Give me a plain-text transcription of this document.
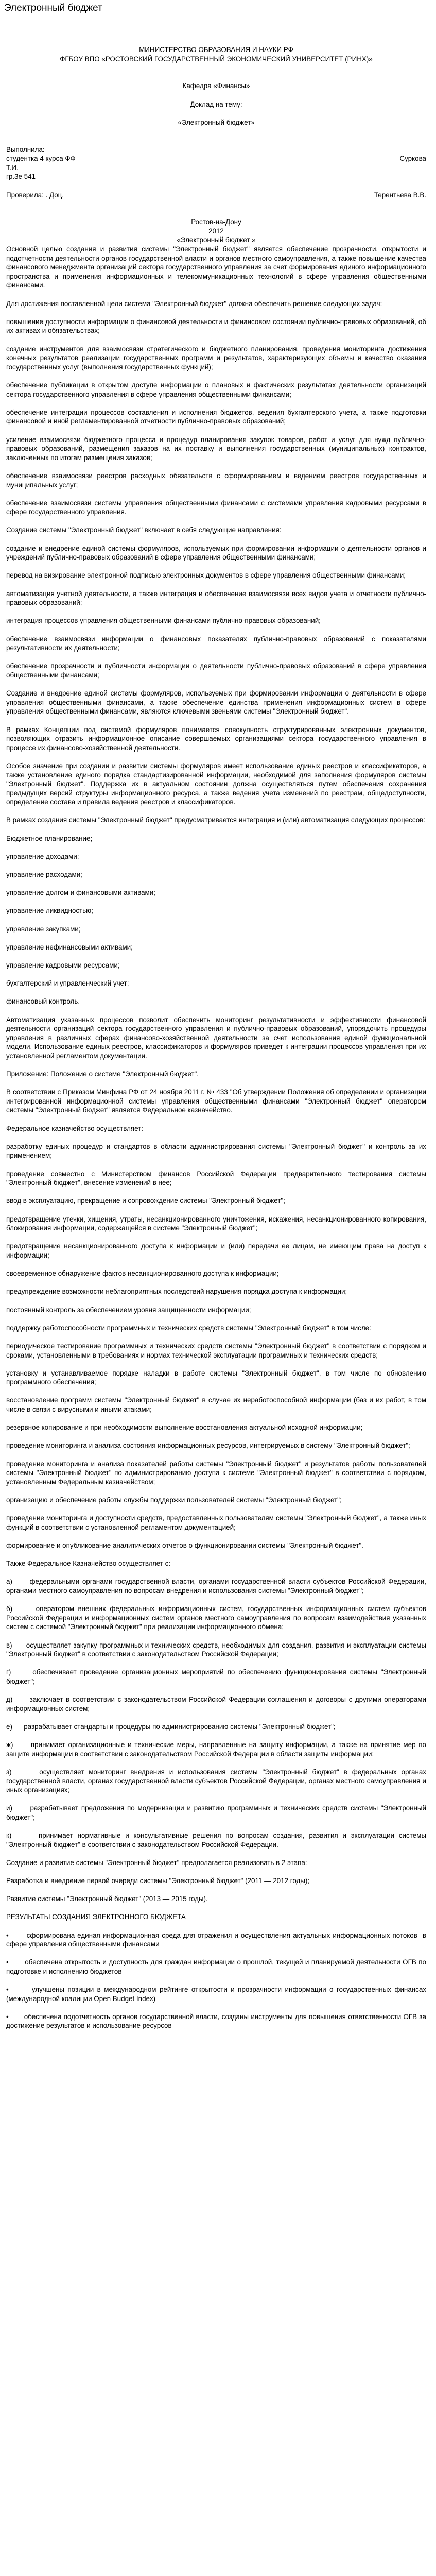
Электронный бюджет
МИНИСТЕРСТВО ОБРАЗОВАНИЯ И НАУКИ РФ
ФГБОУ ВПО «РОСТОВСКИЙ ГОСУДАРСТВЕННЫЙ ЭКОНОМИЧЕСКИЙ УНИВЕРСИТЕТ (РИНХ)»
Кафедра «Финансы»
Доклад на тему:
«Электронный бюджет»
Выполнила:
студентка 4 курса ФФ	Суркова
Т.И.
гр.3е 541
Проверила: . Доц.	Терентьева В.В.
Ростов-на-Дону
2012
«Электронный бюджет »
Основной целью создания и развития системы "Электронный бюджет" является обеспечение прозрачности, открытости и подотчетности деятельности органов государственной власти и органов местного самоуправления, а также повышение качества финансового менеджмента организаций сектора государственного управления за счет формирования единого информационного пространства и применения информационных и телекоммуникационных технологий в сфере управления общественными финансами.
Для достижения поставленной цели система "Электронный бюджет" должна обеспечить решение следующих задач:
повышение доступности информации о финансовой деятельности и финансовом состоянии публично-правовых образований, об их активах и обязательствах;
создание инструментов для взаимосвязи стратегического и бюджетного планирования, проведения мониторинга достижения конечных результатов реализации государственных программ и результатов, характеризующих объемы и качество оказания государственных услуг (выполнения государственных функций);
обеспечение публикации в открытом доступе информации о плановых и фактических результатах деятельности организаций сектора государственного управления в сфере управления общественными финансами;
обеспечение интеграции процессов составления и исполнения бюджетов, ведения бухгалтерского учета, а также подготовки финансовой и иной регламентированной отчетности публично-правовых образований;
усиление взаимосвязи бюджетного процесса и процедур планирования закупок товаров, работ и услуг для нужд публично-правовых образований, размещения заказов на их поставку и выполнения государственных (муниципальных) контрактов, заключенных по итогам размещения заказов;
обеспечение взаимосвязи реестров расходных обязательств с сформированием и ведением реестров государственных и муниципальных услуг;
обеспечение взаимосвязи системы управления общественными финансами с системами управления кадровыми ресурсами в сфере государственного управления.
Создание системы "Электронный бюджет" включает в себя следующие направления:
создание и внедрение единой системы формуляров, используемых при формировании информации о деятельности органов и учреждений публично-правовых образований в сфере управления общественными финансами;
перевод на визирование электронной подписью электронных документов в сфере управления общественными финансами;
автоматизация учетной деятельности, а также интеграция и обеспечение взаимосвязи всех видов учета и отчетности публично-правовых образований;
интеграция процессов управления общественными финансами публично-правовых образований;
обеспечение взаимосвязи информации о финансовых показателях публично-правовых образований с показателями результативности их деятельности;
обеспечение прозрачности и публичности информации о деятельности публично-правовых образований в сфере управления общественными финансами;
Создание и внедрение единой системы формуляров, используемых при формировании информации о деятельности в сфере управления общественными финансами, а также обеспечение единства применения информационных систем в сфере управления общественными финансами, являются ключевыми звеньями системы "Электронный бюджет".
В рамках Концепции под системой формуляров понимается совокупность структурированных электронных документов, позволяющих отразить информационное описание совершаемых организациями сектора государственного управления в процессе их финансово-хозяйственной деятельности.
Особое значение при создании и развитии системы формуляров имеет использование единых реестров и классификаторов, а также установление единого порядка стандартизированной информации, необходимой для заполнения формуляров системы "Электронный бюджет". Поддержка их в актуальном состоянии должна осуществляться путем обеспечения сохранения предыдущих версий структуры информационного ресурса, а также ведения учета изменений по реестрам, общедоступности, определение состава и правила ведения реестров и классификаторов.
В рамках создания системы "Электронный бюджет" предусматривается интеграция и (или) автоматизация следующих процессов:
Бюджетное планирование;
управление доходами;
управление расходами;
управление долгом и финансовыми активами;
управление ликвидностью;
управление закупками;
управление нефинансовыми активами;
управление кадровыми ресурсами;
бухгалтерский и управленческий учет;
финансовый контроль.
Автоматизация указанных процессов позволит обеспечить мониторинг результативности и эффективности финансовой деятельности организаций сектора государственного управления и публично-правовых образований, упорядочить процедуры управления в различных сферах финансово-хозяйственной деятельности за счет использования единой функциональной модели. Использование единых реестров, классификаторов и формуляров приведет к интеграции процессов управления при их установленной регламентом документации.
Приложение: Положение о системе "Электронный бюджет".
В соответствии с Приказом Минфина РФ от 24 ноября 2011 г. № 433 "Об утверждении Положения об определении и организации интегрированной информационной системы управления общественными финансами "Электронный бюджет" оператором системы "Электронный бюджет" является Федеральное казначейство.
Федеральное казначейство осуществляет:
разработку единых процедур и стандартов в области администрирования системы "Электронный бюджет" и контроль за их применением;
проведение совместно с Министерством финансов Российской Федерации предварительного тестирования системы "Электронный бюджет", внесение изменений в нее;
ввод в эксплуатацию, прекращение и сопровождение системы "Электронный бюджет";
предотвращение утечки, хищения, утраты, несанкционированного уничтожения, искажения, несанкционированного копирования, блокирования информации, содержащейся в системе "Электронный бюджет";
предотвращение несанкционированного доступа к информации и (или) передачи ее лицам, не имеющим права на доступ к информации;
своевременное обнаружение фактов несанкционированного доступа к информации;
предупреждение возможности неблагоприятных последствий нарушения порядка доступа к информации;
постоянный контроль за обеспечением уровня защищенности информации;
поддержку работоспособности программных и технических средств системы "Электронный бюджет" в том числе:
периодическое тестирование программных и технических средств системы "Электронный бюджет" в соответствии с порядком и сроками, установленными в требованиях и нормах технической эксплуатации программных и технических средств;
установку и устанавливаемое порядке наладки в работе системы "Электронный бюджет", в том числе по обновлению программного обеспечения;
восстановление программ системы "Электронный бюджет" в случае их неработоспособной информации (баз и их работ, в том числе в связи с вирусными и иными атаками;
резервное копирование и при необходимости выполнение восстановления актуальной исходной информации;
проведение мониторинга и анализа состояния информационных ресурсов, интегрируемых в систему "Электронный бюджет";
проведение мониторинга и анализа показателей работы системы "Электронный бюджет" и результатов работы пользователей системы "Электронный бюджет" по администрированию доступа к системе "Электронный бюджет" в соответствии с порядком, установленным Федеральным казначейством;
организацию и обеспечение работы службы поддержки пользователей системы "Электронный бюджет";
проведение мониторинга и доступности средств, предоставленных пользователям системы "Электронный бюджет", а также иных функций в соответствии с установленной регламентом документацией;
формирование и опубликование аналитических отчетов о функционировании системы "Электронный бюджет".
Также Федеральное Казначейство осуществляет с:
а)      федеральными органами государственной власти, органами государственной власти субъектов Российской Федерации, органами местного самоуправления по вопросам внедрения и использования системы "Электронный бюджет";
б)      оператором внешних федеральных информационных систем, государственных информационных систем субъектов Российской Федерации и информационных систем органов местного самоуправления по вопросам взаимодействия указанных систем с системой "Электронный бюджет" при реализации информационного обмена;
в)      осуществляет закупку программных и технических средств, необходимых для создания, развития и эксплуатации системы "Электронный бюджет" в соответствии с законодательством Российской Федерации;
г)      обеспечивает проведение организационных мероприятий по обеспечению функционирования системы "Электронный бюджет";
д)      заключает в соответствии с законодательством Российской Федерации соглашения и договоры с другими операторами информационных систем;
е)      разрабатывает стандарты и процедуры по администрированию системы "Электронный бюджет";
ж)      принимает организационные и технические меры, направленные на защиту информации, а также на принятие мер по защите информации в соответствии с законодательством Российской Федерации в области защиты информации;
з)      осуществляет мониторинг внедрения и использования системы "Электронный бюджет" в федеральных органах государственной власти, органах государственной власти субъектов Российской Федерации, органах местного самоуправления и иных организациях;
и)      разрабатывает предложения по модернизации и развитию программных и технических средств системы "Электронный бюджет";
к)      принимает нормативные и консультативные решения по вопросам создания, развития и эксплуатации системы "Электронный бюджет" в соответствии с законодательством Российской Федерации.
Создание и развитие системы "Электронный бюджет" предполагается реализовать в 2 этапа:
Разработка и внедрение первой очереди системы "Электронный бюджет" (2011 — 2012 годы);
Развитие системы "Электронный бюджет" (2013 — 2015 годы).
РЕЗУЛЬТАТЫ СОЗДАНИЯ ЭЛЕКТРОННОГО БЮДЖЕТА
•       сформирована единая информационная среда для отражения и осуществления актуальных информационных потоков  в сфере управления общественными финансами
•       обеспечена открытость и доступность для граждан информации о прошлой, текущей и планируемой деятельности ОГВ по подготовке и исполнению бюджетов
•       улучшены позиции в международном рейтинге открытости и прозрачности информации о государственных финансах (международной коалиции Open Budget Index)
•       обеспечена подотчетность органов государственной власти, созданы инструменты для повышения ответственности ОГВ за достижение результатов и использование ресурсов
